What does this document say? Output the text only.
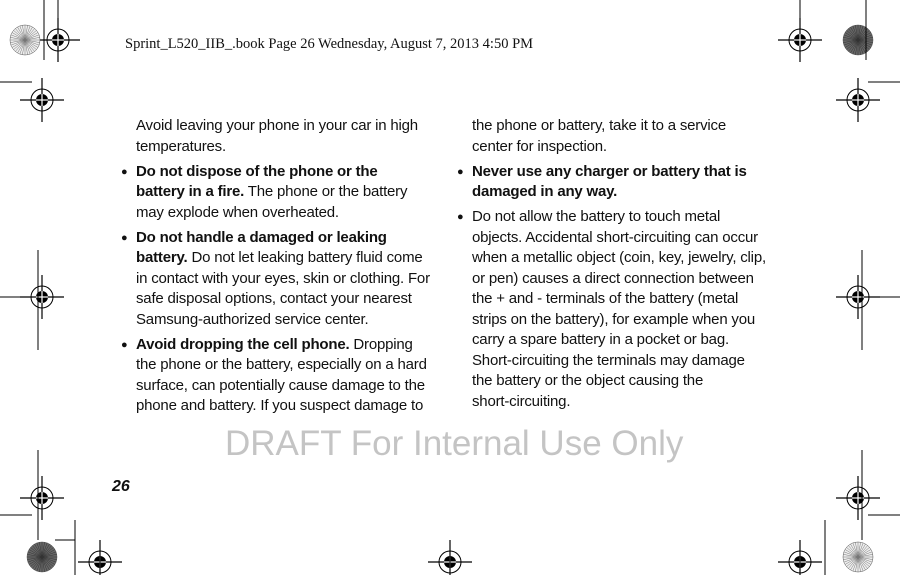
Sprint_L520_IIB_.book Page 26 Wednesday, August 7, 2013 4:50 PM
Avoid leaving your phone in your car in high
temperatures.
● Do not dispose of the phone or the
battery in a fire. The phone or the battery
may explode when overheated.
● Do not handle a damaged or leaking
battery. Do not let leaking battery fluid come
in contact with your eyes, skin or clothing. For
safe disposal options, contact your nearest
Samsung-authorized service center.
● Avoid dropping the cell phone. Dropping
the phone or the battery, especially on a hard
surface, can potentially cause damage to the
phone and battery. If you suspect damage to
the phone or battery, take it to a service
center for inspection.
● Never use any charger or battery that is
damaged in any way.
● Do not allow the battery to touch metal
objects. Accidental short-circuiting can occur
when a metallic object (coin, key, jewelry, clip,
or pen) causes a direct connection between
the + and - terminals of the battery (metal
strips on the battery), for example when you
carry a spare battery in a pocket or bag.
Short-circuiting the terminals may damage
the battery or the object causing the
short-circuiting.
DRAFT For Internal Use Only
26
